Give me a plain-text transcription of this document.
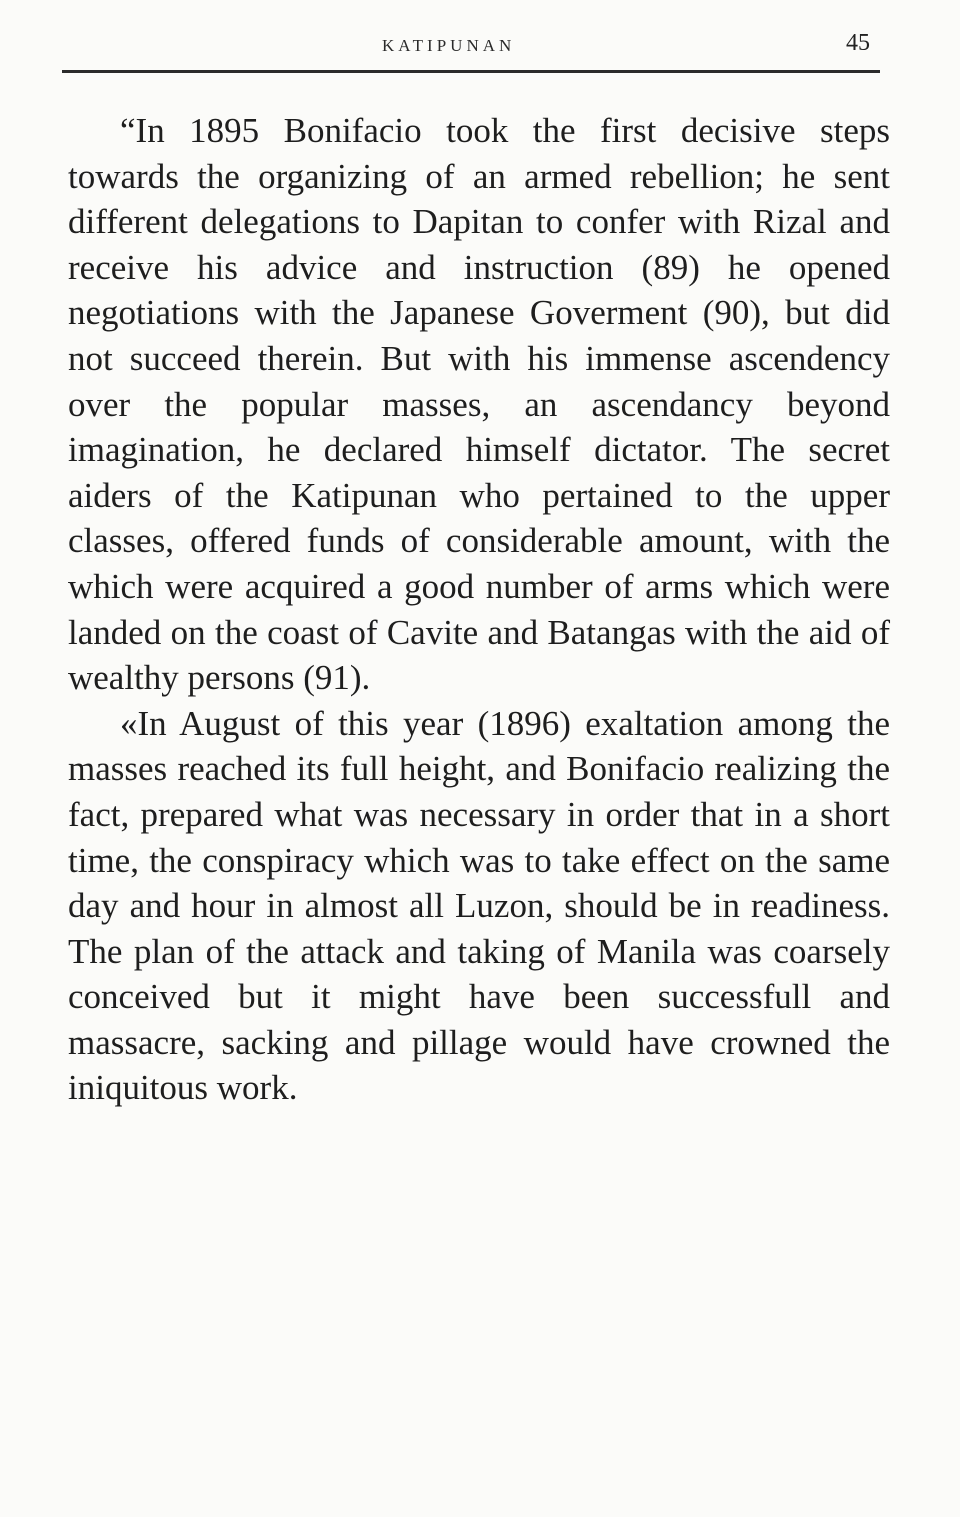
KATIPUNAN	45

“In 1895 Bonifacio took the first decisive steps towards the organizing of an armed rebellion; he sent different delegations to Dapitan to confer with Rizal and receive his advice and instruction (89) he opened negotiations with the Japanese Goverment (90), but did not succeed therein. But with his immense ascendency over the popular masses, an ascendancy beyond imagination, he declared himself dictator. The secret aiders of the Katipunan who pertained to the upper classes, offered funds of considerable amount, with the which were acquired a good number of arms which were landed on the coast of Cavite and Batangas with the aid of wealthy persons (91).

«In August of this year (1896) exaltation among the masses reached its full height, and Bonifacio realizing the fact, prepared what was necessary in order that in a short time, the conspiracy which was to take effect on the same day and hour in almost all Luzon, should be in readiness. The plan of the attack and taking of Manila was coarsely conceived but it might have been successfull and massacre, sacking and pillage would have crowned the iniquitous work.
